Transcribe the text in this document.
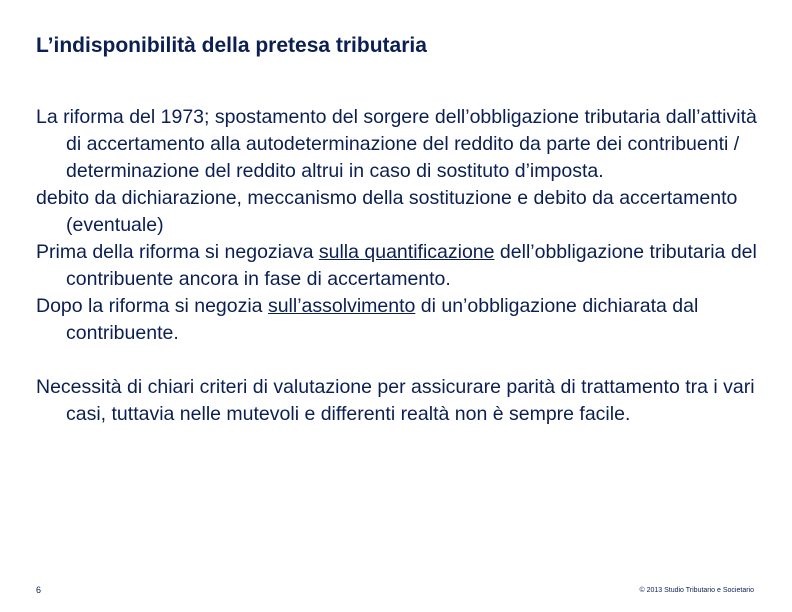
L’indisponibilità della pretesa tributaria

La riforma del 1973; spostamento del sorgere dell’obbligazione tributaria dall’attività di accertamento alla autodeterminazione del reddito da parte dei contribuenti / determinazione del reddito altrui in caso di sostituto d’imposta.

debito da dichiarazione, meccanismo della sostituzione e debito da accertamento (eventuale)

Prima della riforma si negoziava sulla quantificazione dell’obbligazione tributaria del contribuente ancora in fase di accertamento.

Dopo la riforma si negozia sull’assolvimento di un’obbligazione dichiarata dal contribuente.

Necessità di chiari criteri di valutazione per assicurare parità di trattamento tra i vari casi, tuttavia nelle mutevoli e differenti realtà non è sempre facile.

6	© 2013 Studio Tributario e Societario
